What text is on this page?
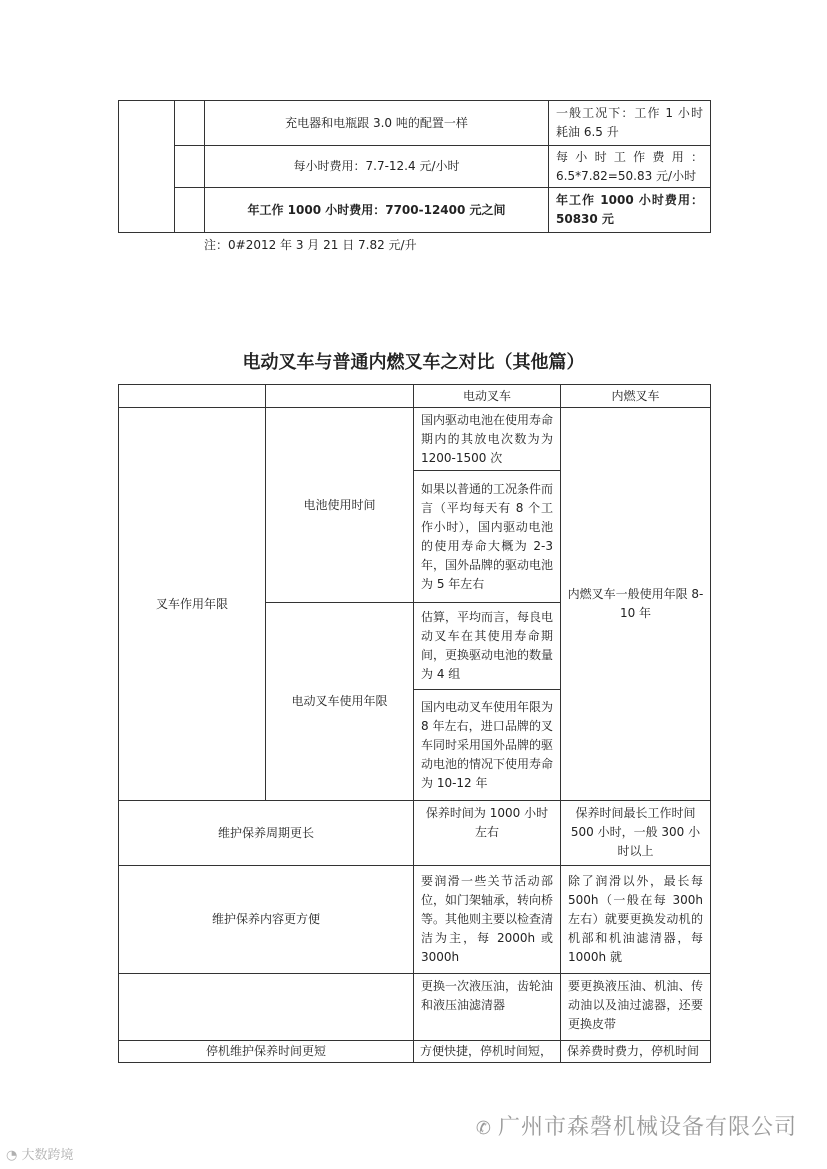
		充电器和电瓶跟 3.0 吨的配置一样	一般工况下：工作 1 小时耗油 6.5 升
		每小时费用：7.7-12.4 元/小时	每小时工作费用：6.5*7.82=50.83 元/小时
		年工作 1000 小时费用：7700-12400 元之间	年工作 1000 小时费用：50830 元
注：0#2012 年 3 月 21 日 7.82 元/升
电动叉车与普通内燃叉车之对比（其他篇）
		电动叉车	内燃叉车
叉车作用年限	电池使用时间	国内驱动电池在使用寿命期内的其放电次数为为 1200-1500 次	内燃叉车一般使用年限 8-10 年
		如果以普通的工况条件而言（平均每天有 8 个工作小时），国内驱动电池的使用寿命大概为 2-3 年，国外品牌的驱动电池为 5 年左右	
	电动叉车使用年限	估算，平均而言，每良电动叉车在其使用寿命期间，更换驱动电池的数量为 4 组	
		国内电动叉车使用年限为 8 年左右，进口品牌的叉车同时采用国外品牌的驱动电池的情况下使用寿命为 10-12 年	
维护保养周期更长		保养时间为 1000 小时左右	保养时间最长工作时间 500 小时，一般 300 小时以上
维护保养内容更方便		要润滑一些关节活动部位，如门架轴承，转向桥等。其他则主要以检查清洁为主，每 2000h 或 3000h	除了润滑以外，最长每 500h（一般在每 300h 左右）就要更换发动机的机部和机油滤清器，每 1000h 就
		更换一次液压油，齿轮油和液压油滤清器	要更换液压油、机油、传动油以及油过滤器，还要更换皮带
停机维护保养时间更短		方便快捷，停机时间短，	保养费时费力，停机时间
✆ 广州市森磬机械设备有限公司
◔ 大数跨境
